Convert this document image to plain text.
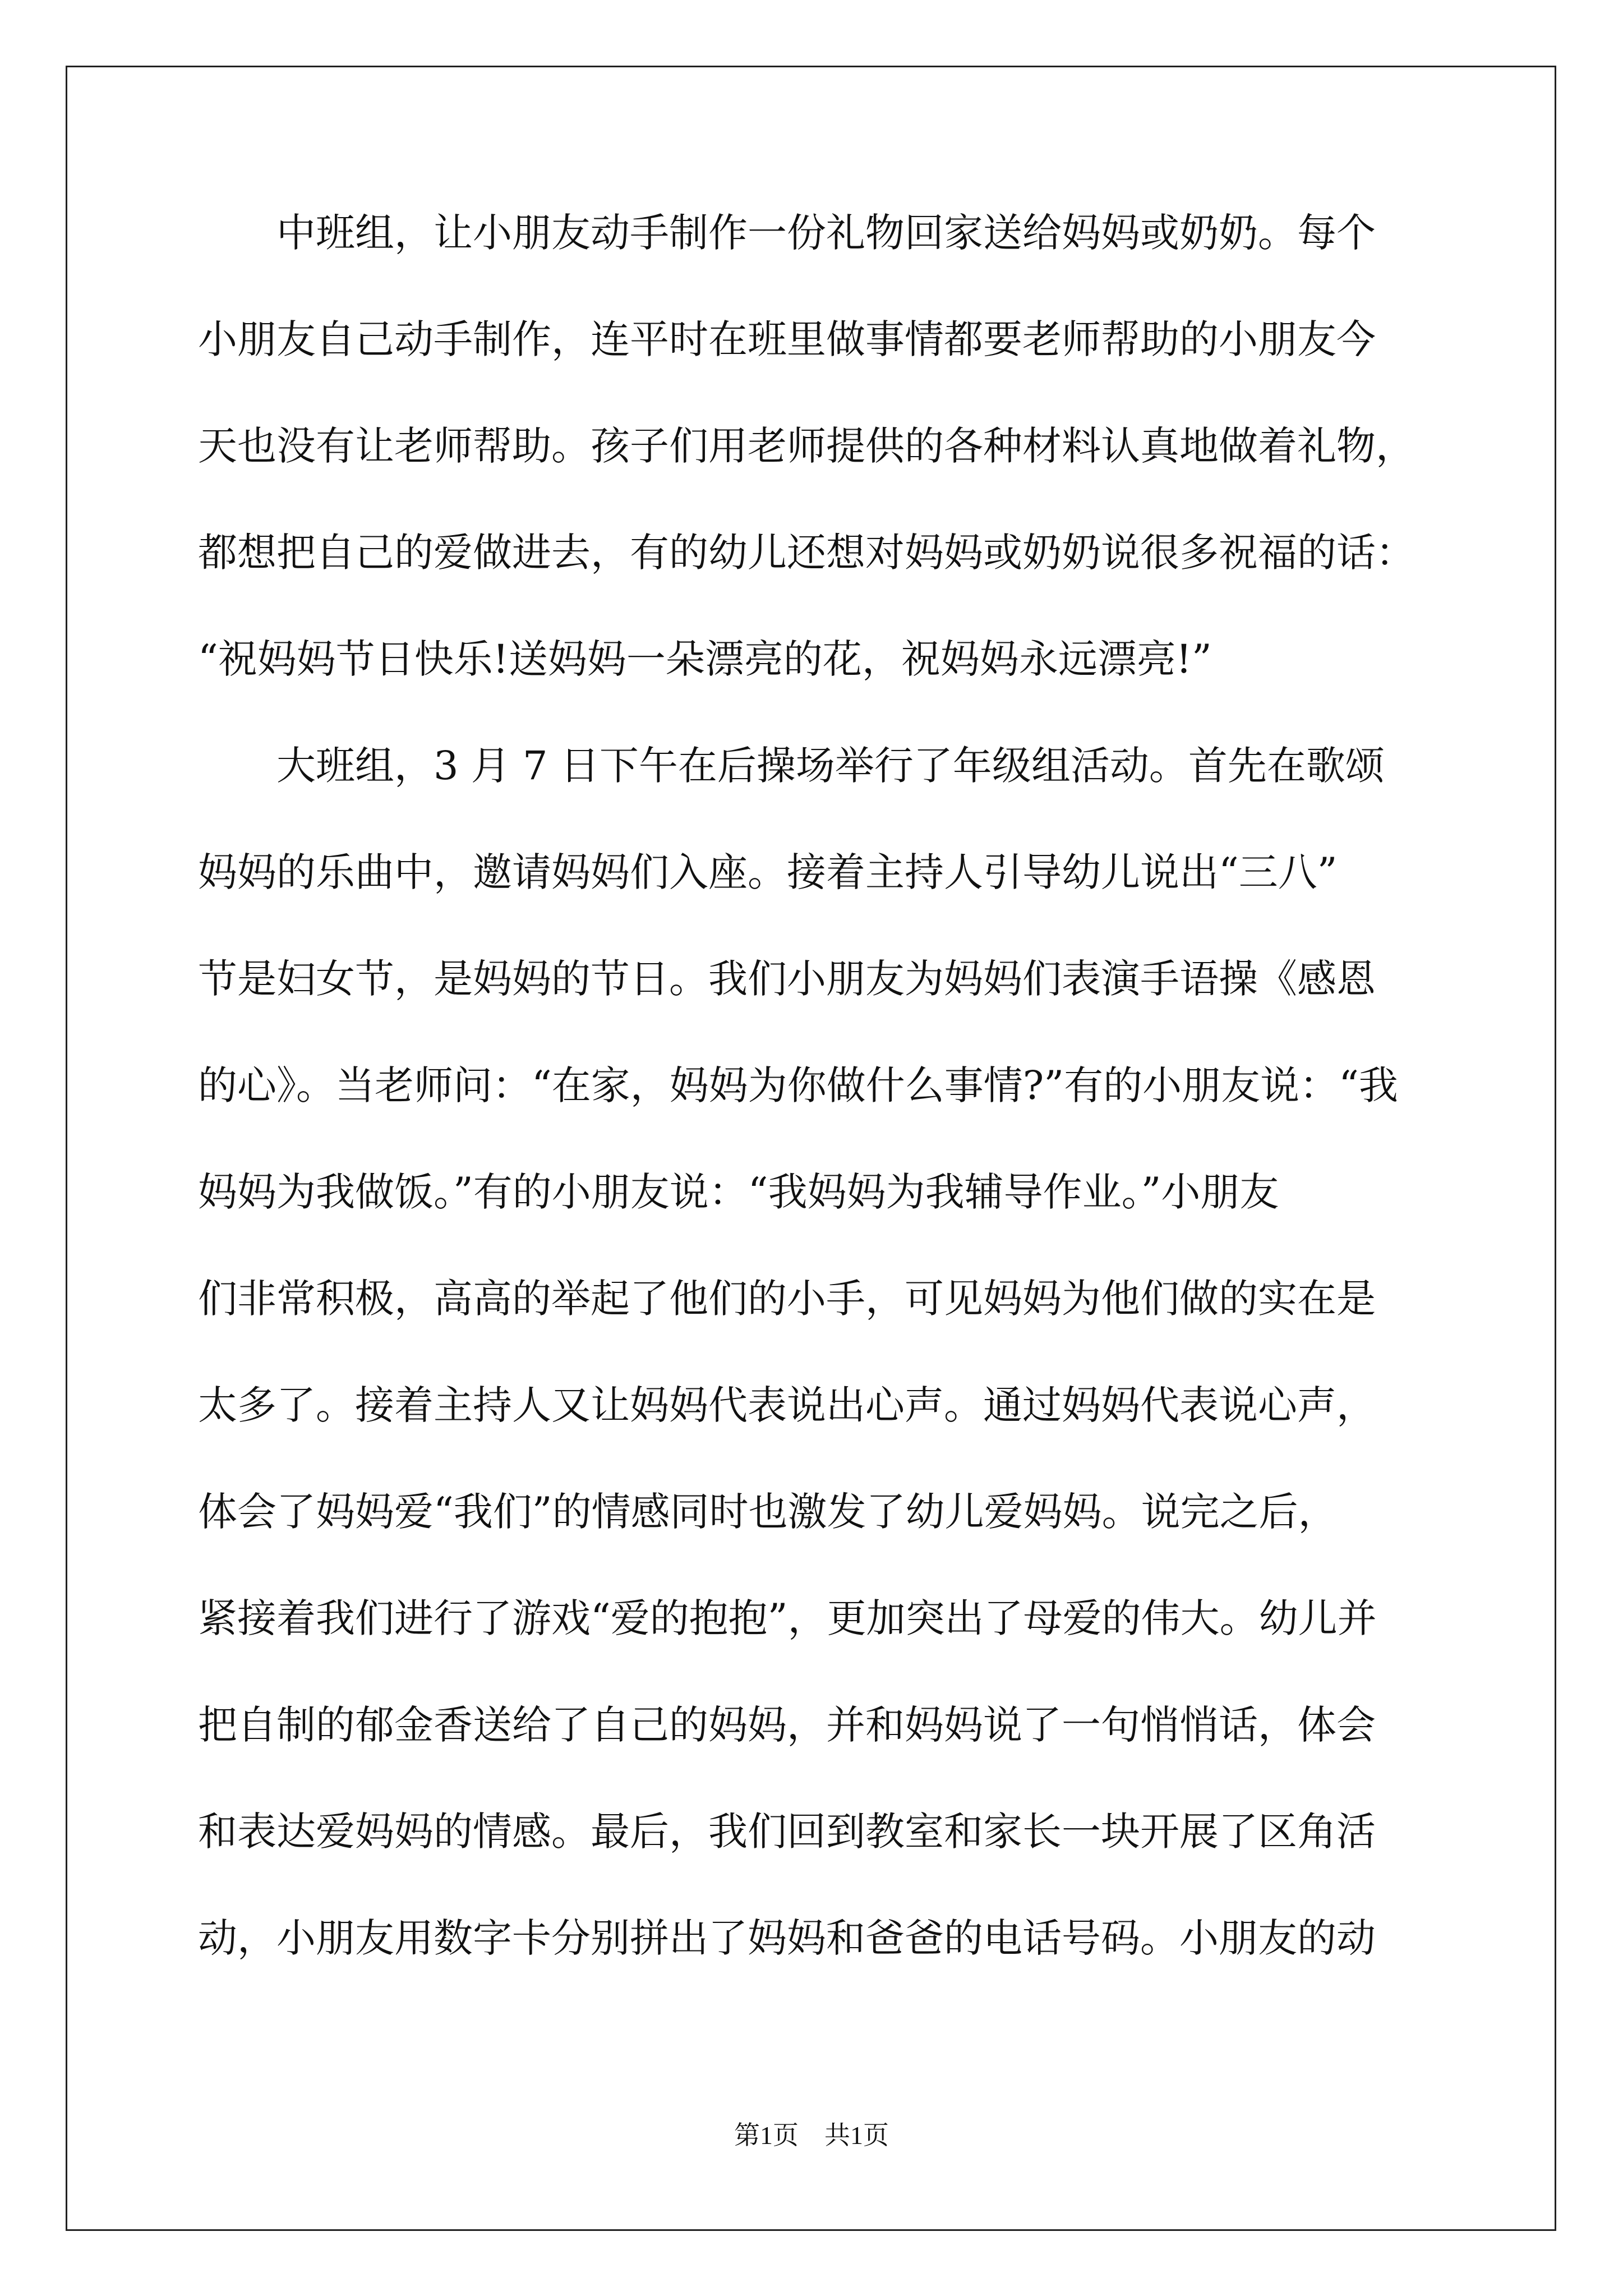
　　中班组，让小朋友动手制作一份礼物回家送给妈妈或奶奶。每个
小朋友自己动手制作，连平时在班里做事情都要老师帮助的小朋友今
天也没有让老师帮助。孩子们用老师提供的各种材料认真地做着礼物，
都想把自己的爱做进去，有的幼儿还想对妈妈或奶奶说很多祝福的话：
“祝妈妈节日快乐!送妈妈一朵漂亮的花，祝妈妈永远漂亮!”
　　大班组，3 月 7 日下午在后操场举行了年级组活动。首先在歌颂
妈妈的乐曲中，邀请妈妈们入座。接着主持人引导幼儿说出“三八”
节是妇女节，是妈妈的节日。我们小朋友为妈妈们表演手语操《感恩
的心》。当老师问：“在家，妈妈为你做什么事情?”有的小朋友说：“我
妈妈为我做饭。”有的小朋友说：“我妈妈为我辅导作业。”小朋友
们非常积极，高高的举起了他们的小手，可见妈妈为他们做的实在是
太多了。接着主持人又让妈妈代表说出心声。通过妈妈代表说心声，
体会了妈妈爱“我们”的情感同时也激发了幼儿爱妈妈。说完之后，
紧接着我们进行了游戏“爱的抱抱”，更加突出了母爱的伟大。幼儿并
把自制的郁金香送给了自己的妈妈，并和妈妈说了一句悄悄话，体会
和表达爱妈妈的情感。最后，我们回到教室和家长一块开展了区角活
动，小朋友用数字卡分别拼出了妈妈和爸爸的电话号码。小朋友的动
第1页　共1页
